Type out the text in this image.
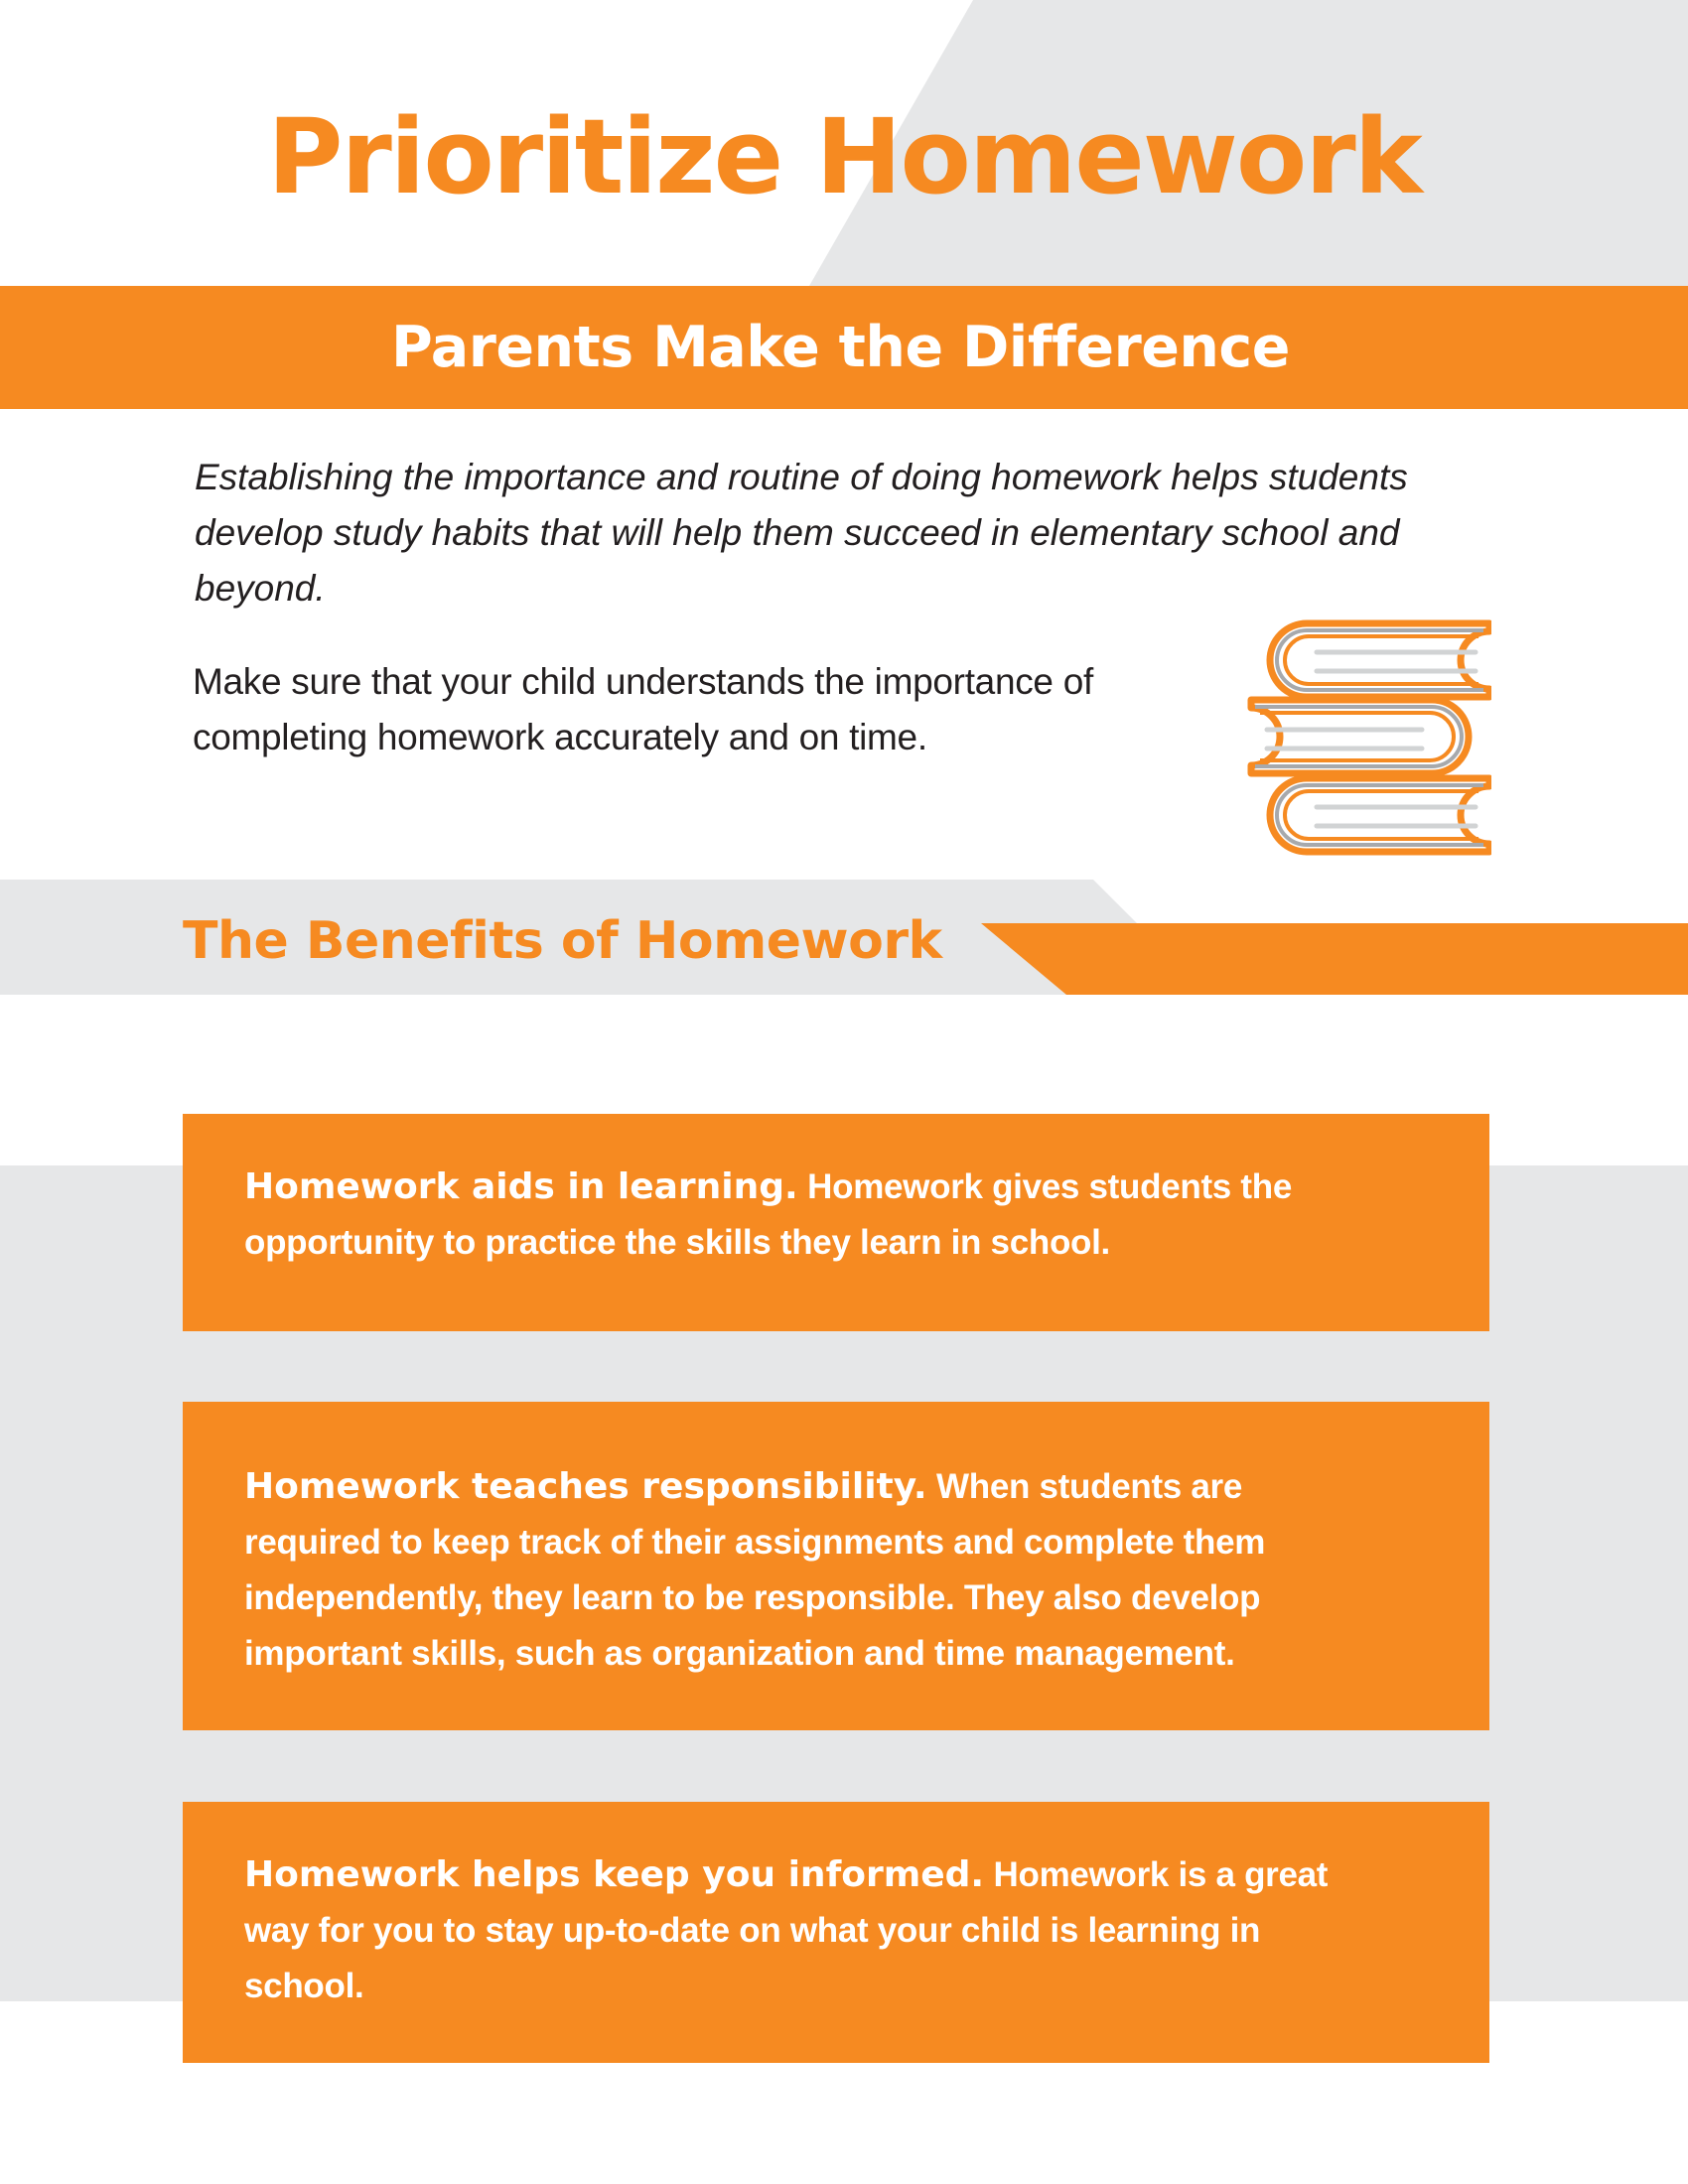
Prioritize Homework
Parents Make the Difference

Establishing the importance and routine of doing homework helps students
develop study habits that will help them succeed in elementary school and
beyond.

Make sure that your child understands the importance of
completing homework accurately and on time.

The Benefits of Homework

Homework aids in learning. Homework gives students the
opportunity to practice the skills they learn in school.

Homework teaches responsibility. When students are
required to keep track of their assignments and complete them
independently, they learn to be responsible. They also develop
important skills, such as organization and time management.

Homework helps keep you informed. Homework is a great
way for you to stay up-to-date on what your child is learning in
school.
